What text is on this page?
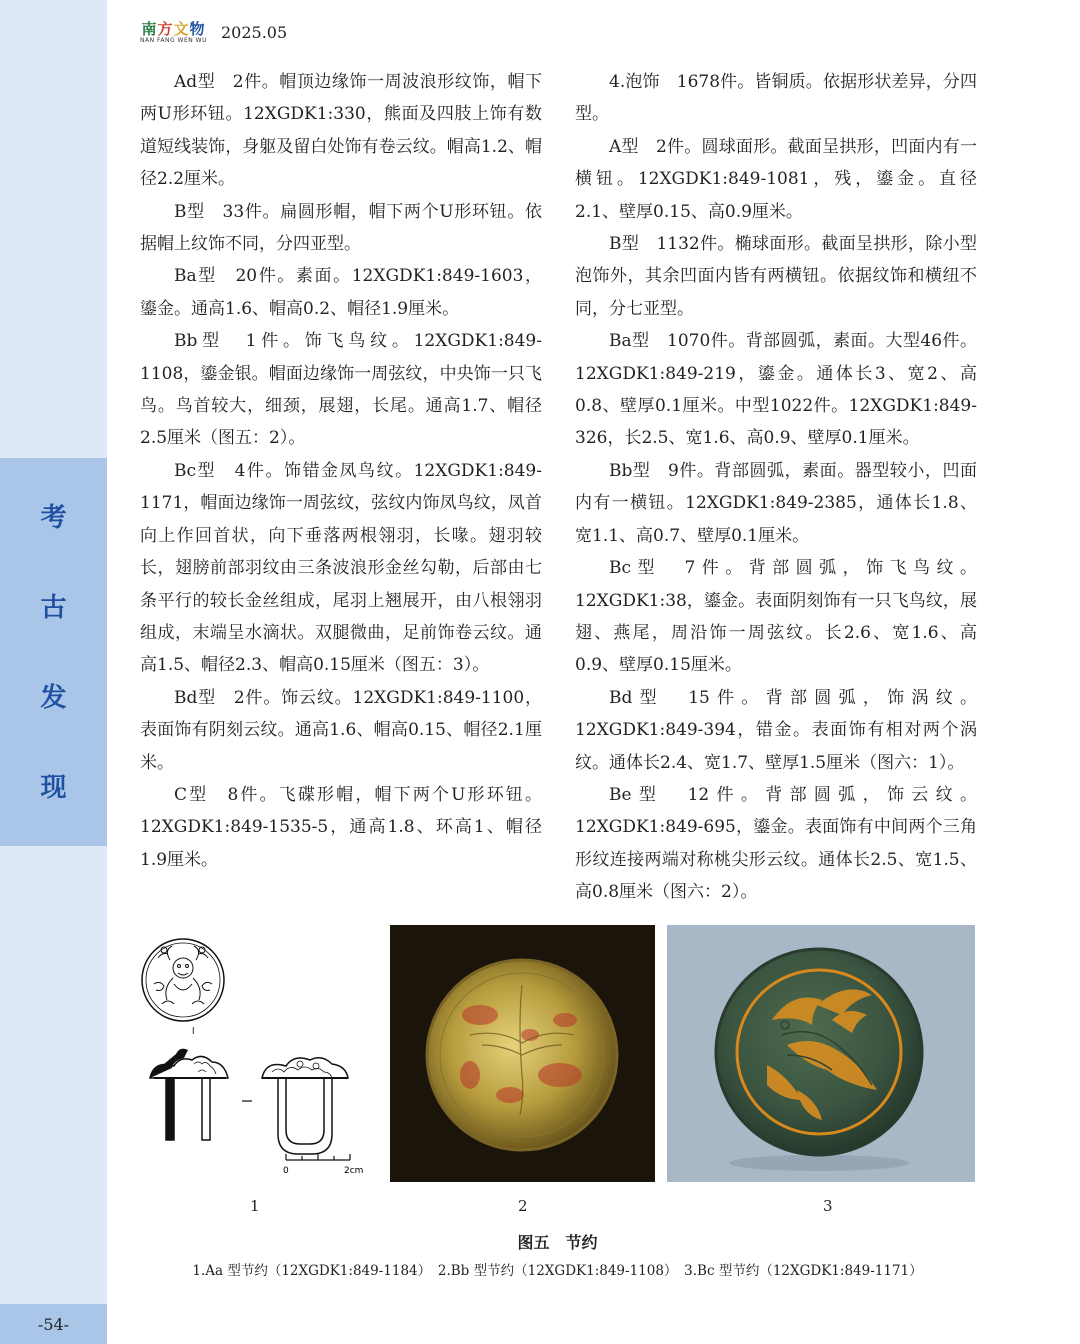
考
古
发
现
-54-
南方文物
NAN FANG WEN WU 2025.05

Ad型　2件。帽顶边缘饰一周波浪形纹饰，帽下两U形环钮。12XGDK1:330，熊面及四肢上饰有数道短线装饰，身躯及留白处饰有卷云纹。帽高1.2、帽径2.2厘米。

B型　33件。扁圆形帽，帽下两个U形环钮。依据帽上纹饰不同，分四亚型。

Ba型　20件。素面。12XGDK1:849-1603，鎏金。通高1.6、帽高0.2、帽径1.9厘米。

Bb型　1件。饰飞鸟纹。12XGDK1:849-1108，鎏金银。帽面边缘饰一周弦纹，中央饰一只飞鸟。鸟首较大，细颈，展翅，长尾。通高1.7、帽径2.5厘米（图五：2）。

Bc型　4件。饰错金凤鸟纹。12XGDK1:849-1171，帽面边缘饰一周弦纹，弦纹内饰凤鸟纹，凤首向上作回首状，向下垂落两根翎羽，长喙。翅羽较长，翅膀前部羽纹由三条波浪形金丝勾勒，后部由七条平行的较长金丝组成，尾羽上翘展开，由八根翎羽组成，末端呈水滴状。双腿微曲，足前饰卷云纹。通高1.5、帽径2.3、帽高0.15厘米（图五：3）。

Bd型　2件。饰云纹。12XGDK1:849-1100，表面饰有阴刻云纹。通高1.6、帽高0.15、帽径2.1厘米。

C型　8件。飞碟形帽，帽下两个U形环钮。12XGDK1:849-1535-5，通高1.8、环高1、帽径1.9厘米。

4.泡饰　1678件。皆铜质。依据形状差异，分四型。

A型　2件。圆球面形。截面呈拱形，凹面内有一横钮。12XGDK1:849-1081，残，鎏金。直径2.1、壁厚0.15、高0.9厘米。

B型　1132件。椭球面形。截面呈拱形，除小型泡饰外，其余凹面内皆有两横钮。依据纹饰和横纽不同，分七亚型。

Ba型　1070件。背部圆弧，素面。大型46件。12XGDK1:849-219，鎏金。通体长3、宽2、高0.8、壁厚0.1厘米。中型1022件。12XGDK1:849-326，长2.5、宽1.6、高0.9、壁厚0.1厘米。

Bb型　9件。背部圆弧，素面。器型较小，凹面内有一横钮。12XGDK1:849-2385，通体长1.8、宽1.1、高0.7、壁厚0.1厘米。

Bc型　7件。背部圆弧，饰飞鸟纹。12XGDK1:38，鎏金。表面阴刻饰有一只飞鸟纹，展翅、燕尾，周沿饰一周弦纹。长2.6、宽1.6、高0.9、壁厚0.15厘米。

Bd型　15件。背部圆弧，饰涡纹。12XGDK1:849-394，错金。表面饰有相对两个涡纹。通体长2.4、宽1.7、壁厚1.5厘米（图六：1）。

Be型　12件。背部圆弧，饰云纹。12XGDK1:849-695，鎏金。表面饰有中间两个三角形纹连接两端对称桃尖形云纹。通体长2.5、宽1.5、高0.8厘米（图六：2）。

l
0	2cm
1	2	3
图五　节约
1.Aa 型节约（12XGDK1:849-1184）　2.Bb 型节约（12XGDK1:849-1108）　3.Bc 型节约（12XGDK1:849-1171）
